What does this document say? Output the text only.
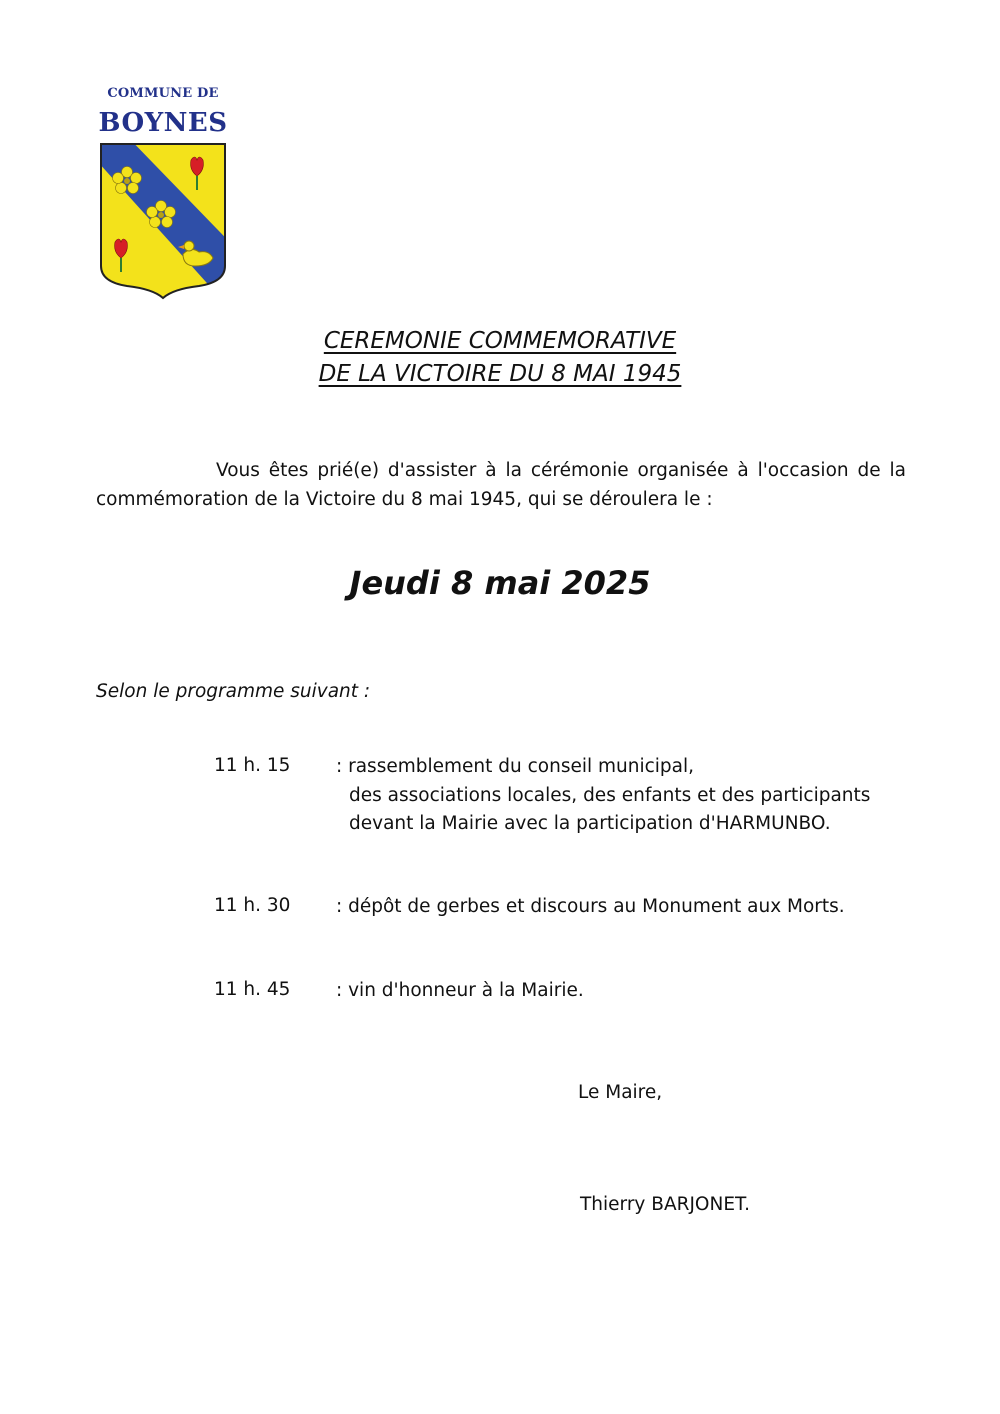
COMMUNE DE
BOYNES
CEREMONIE COMMEMORATIVE
DE LA VICTOIRE DU 8 MAI 1945
Vous êtes prié(e) d'assister à la cérémonie organisée à l'occasion de la commémoration de la Victoire du 8 mai 1945, qui se déroulera le :
Jeudi 8 mai 2025
Selon le programme suivant :
11 h. 15 : rassemblement du conseil municipal,
des associations locales, des enfants et des participants
devant la Mairie avec la participation d'HARMUNBO.
11 h. 30 : dépôt de gerbes et discours au Monument aux Morts.
11 h. 45 : vin d'honneur à la Mairie.
Le Maire,
Thierry BARJONET.
